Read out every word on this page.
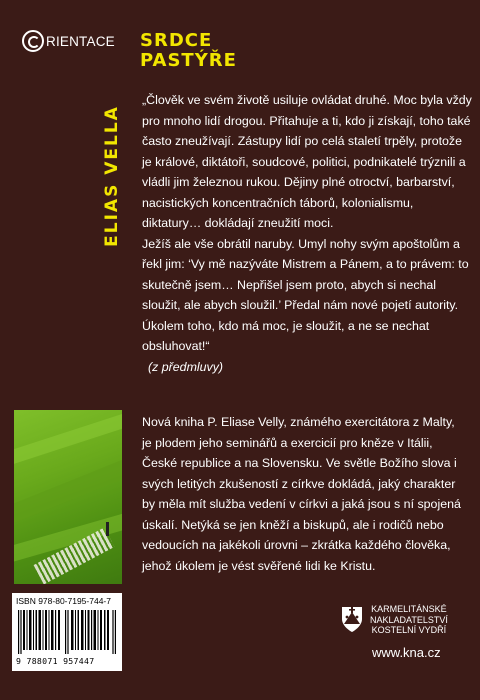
RIENTACE SRDCE
PASTÝŘE
ELIAS VELLA

„Člověk ve svém životě usiluje ovládat druhé. Moc byla vždy pro mnoho lidí drogou. Přitahuje a ti, kdo ji získají, toho také často zneužívají. Zástupy lidí po celá staletí trpěly, protože je králové, diktátoři, soudcové, politici, podnikatelé trýznili a vládli jim železnou rukou. Dějiny plné otroctví, barbarství, nacistických koncentračních táborů, kolonialismu, diktatury… dokládají zneužití moci.

Ježíš ale vše obrátil naruby. Umyl nohy svým apoštolům a řekl jim: ‘Vy mě nazýváte Mistrem a Pánem, a to právem: to skutečně jsem… Nepřišel jsem proto, abych si nechal sloužit, ale abych sloužil.’ Předal nám nové pojetí autority. Úkolem toho, kdo má moc, je sloužit, a ne se nechat obsluhovat!“

(z předmluvy)

Nová kniha P. Eliase Velly, známého exercitátora z Malty, je plodem jeho seminářů a exercicií pro kněze v Itálii, České republice a na Slovensku. Ve světle Božího slova i svých letitých zkušeností z církve dokládá, jaký charakter by měla mít služba vedení v církvi a jaká jsou s ní spojená úskalí. Netýká se jen kněží a biskupů, ale i rodičů nebo vedoucích na jakékoli úrovni – zkrátka každého člověka, jehož úkolem je vést svěřené lidi ke Kristu.

ISBN 978-80-7195-744-7
9 788071 957447
KARMELITÁNSKÉ
NAKLADATELSTVÍ
KOSTELNÍ VYDŘÍ
www.kna.cz
